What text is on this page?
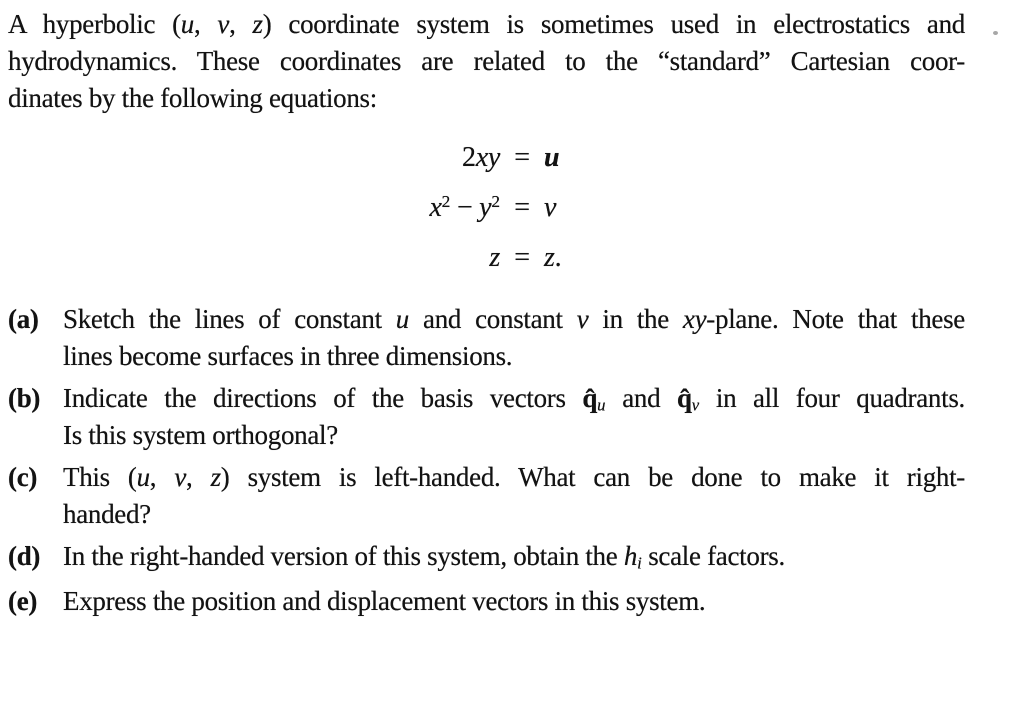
A hyperbolic (u, v, z) coordinate system is sometimes used in electrostatics and
hydrodynamics. These coordinates are related to the “standard” Cartesian coor-
dinates by the following equations:
2xy = u
$x^2 - y^2 = v$
z = z.
(a) Sketch the lines of constant u and constant v in the xy-plane. Note that these
lines become surfaces in three dimensions.
(b) Indicate the directions of the basis vectors $q̂_u$ and $q̂_v$ in all four quadrants.
Is this system orthogonal?
(c) This (u, v, z) system is left-handed. What can be done to make it right-
handed?
(d) In the right-handed version of this system, obtain the $h_i$ scale factors.
(e) Express the position and displacement vectors in this system.
